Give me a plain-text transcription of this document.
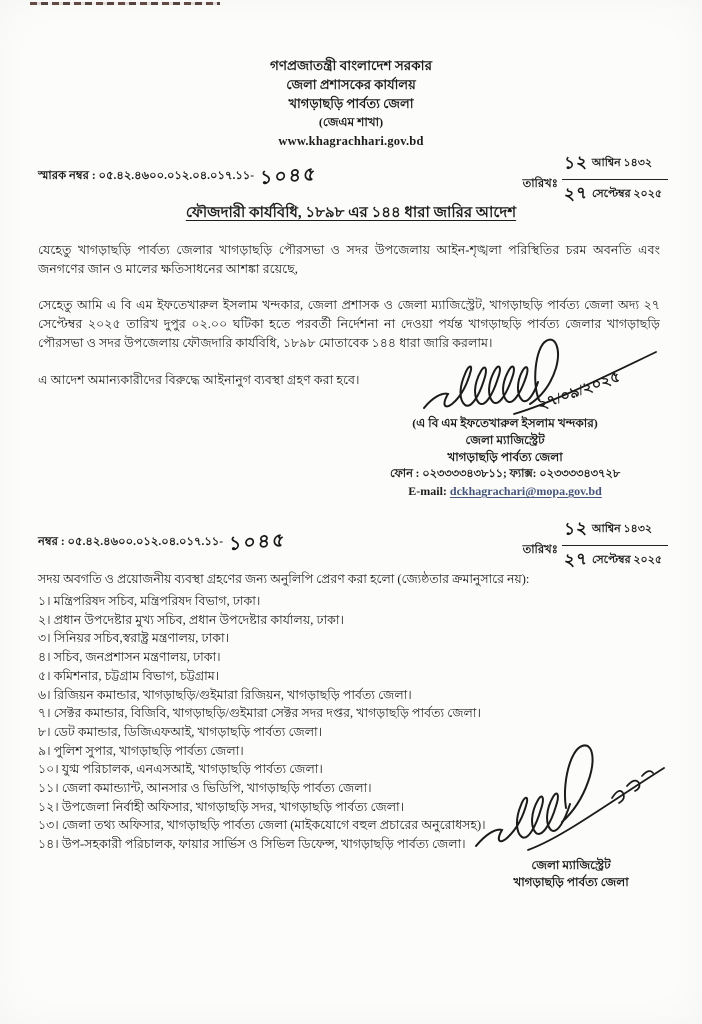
গণপ্রজাতন্ত্রী বাংলাদেশ সরকার
জেলা প্রশাসকের কার্যালয়
খাগড়াছড়ি পার্বত্য জেলা
(জেএম শাখা)
www.khagrachhari.gov.bd
স্মারক নম্বর : ০৫.৪২.৪৬০০.০১২.০৪.০১৭.১১- ১০৪৫	তারিখঃ $\frac{\text{১২ আশ্বিন ১৪৩২}}{\text{২৭ সেপ্টেম্বর ২০২৫}}$
ফৌজদারী কার্যবিধি, ১৮৯৮ এর ১৪৪ ধারা জারির আদেশ
যেহেতু খাগড়াছড়ি পার্বত্য জেলার খাগড়াছড়ি পৌরসভা ও সদর উপজেলায় আইন-শৃঙ্খলা পরিস্থিতির চরম অবনতি এবং জনগণের জান ও মালের ক্ষতিসাধনের আশঙ্কা রয়েছে,
সেহেতু আমি এ বি এম ইফতেখারুল ইসলাম খন্দকার, জেলা প্রশাসক ও জেলা ম্যাজিস্ট্রেট, খাগড়াছড়ি পার্বত্য জেলা অদ্য ২৭ সেপ্টেম্বর ২০২৫ তারিখ দুপুর ০২.০০ ঘটিকা হতে পরবর্তী নির্দেশনা না দেওয়া পর্যন্ত খাগড়াছড়ি পার্বত্য জেলার খাগড়াছড়ি পৌরসভা ও সদর উপজেলায় ফৌজদারি কার্যবিধি, ১৮৯৮ মোতাবেক ১৪৪ ধারা জারি করলাম।
এ আদেশ অমান্যকারীদের বিরুদ্ধে আইনানুগ ব্যবস্থা গ্রহণ করা হবে।	২৭/০৯/২০২৫
(এ বি এম ইফতেখারুল ইসলাম খন্দকার)
জেলা ম্যাজিস্ট্রেট
খাগড়াছড়ি পার্বত্য জেলা
ফোন : ০২৩৩৩৩৪৩৮১১; ফ্যাক্স: ০২৩৩৩৩৪৩৭২৮
E-mail: dckhagrachari@mopa.gov.bd
নম্বর : ০৫.৪২.৪৬০০.০১২.০৪.০১৭.১১- ১০৪৫	তারিখঃ $\frac{\text{১২ আশ্বিন ১৪৩২}}{\text{২৭ সেপ্টেম্বর ২০২৫}}$
সদয় অবগতি ও প্রয়োজনীয় ব্যবস্থা গ্রহণের জন্য অনুলিপি প্রেরণ করা হলো (জ্যেষ্ঠতার ক্রমানুসারে নয়):
১। মন্ত্রিপরিষদ সচিব, মন্ত্রিপরিষদ বিভাগ, ঢাকা।
২। প্রধান উপদেষ্টার মুখ্য সচিব, প্রধান উপদেষ্টার কার্যালয়, ঢাকা।
৩। সিনিয়র সচিব,স্বরাষ্ট্র মন্ত্রণালয়, ঢাকা।
৪। সচিব, জনপ্রশাসন মন্ত্রণালয়, ঢাকা।
৫। কমিশনার, চট্টগ্রাম বিভাগ, চট্টগ্রাম।
৬। রিজিয়ন কমান্ডার, খাগড়াছড়ি/গুইমারা রিজিয়ন, খাগড়াছড়ি পার্বত্য জেলা।
৭। সেক্টর কমান্ডার, বিজিবি, খাগড়াছড়ি/গুইমারা সেক্টর সদর দপ্তর, খাগড়াছড়ি পার্বত্য জেলা।
৮। ডেট কমান্ডার, ডিজিএফআই, খাগড়াছড়ি পার্বত্য জেলা।
৯। পুলিশ সুপার, খাগড়াছড়ি পার্বত্য জেলা।
১০। যুগ্ম পরিচালক, এনএসআই, খাগড়াছড়ি পার্বত্য জেলা।
১১। জেলা কমান্ড্যান্ট, আনসার ও ভিডিপি, খাগড়াছড়ি পার্বত্য জেলা।
১২। উপজেলা নির্বাহী অফিসার, খাগড়াছড়ি সদর, খাগড়াছড়ি পার্বত্য জেলা।
১৩। জেলা তথ্য অফিসার, খাগড়াছড়ি পার্বত্য জেলা (মাইকযোগে বহুল প্রচারের অনুরোধসহ)।
১৪। উপ-সহকারী পরিচালক, ফায়ার সার্ভিস ও সিভিল ডিফেন্স, খাগড়াছড়ি পার্বত্য জেলা।
জেলা ম্যাজিস্ট্রেট
খাগড়াছড়ি পার্বত্য জেলা
